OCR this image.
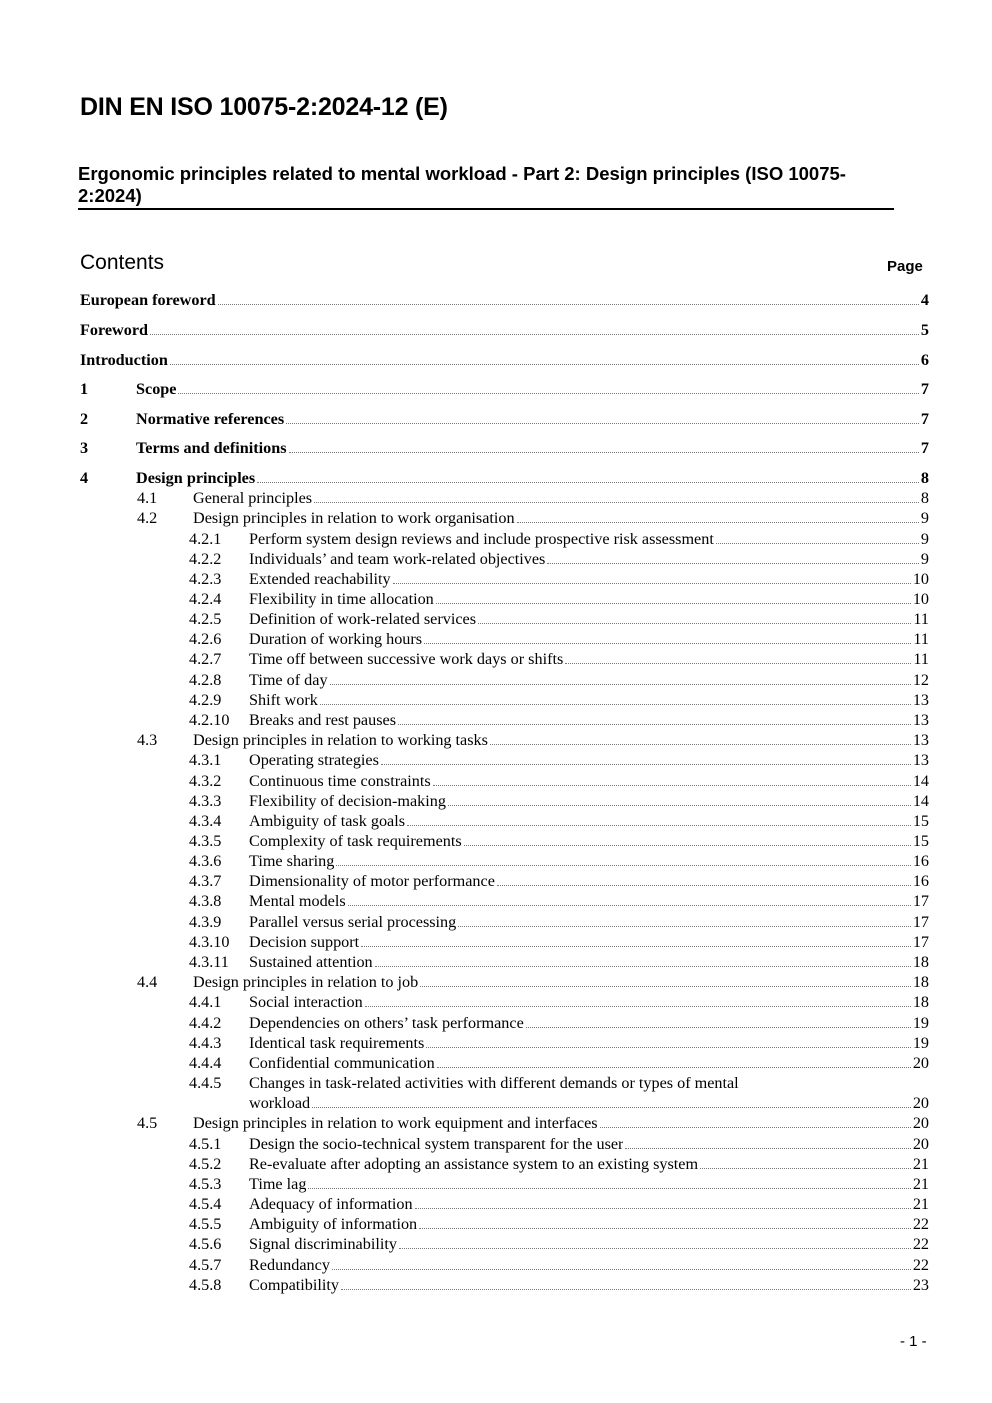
DIN EN ISO 10075-2:2024-12 (E)
Ergonomic principles related to mental workload - Part 2: Design principles (ISO 10075-2:2024)
Contents	Page
European foreword	4
Foreword	5
Introduction	6
1	Scope	7
2	Normative references	7
3	Terms and definitions	7
4	Design principles	8
4.1 General principles	8
4.2 Design principles in relation to work organisation	9
4.2.1 Perform system design reviews and include prospective risk assessment	9
4.2.2 Individuals’ and team work-related objectives	9
4.2.3 Extended reachability	10
4.2.4 Flexibility in time allocation	10
4.2.5 Definition of work-related services	11
4.2.6 Duration of working hours	11
4.2.7 Time off between successive work days or shifts	11
4.2.8 Time of day	12
4.2.9 Shift work	13
4.2.10 Breaks and rest pauses	13
4.3 Design principles in relation to working tasks	13
4.3.1 Operating strategies	13
4.3.2 Continuous time constraints	14
4.3.3 Flexibility of decision-making	14
4.3.4 Ambiguity of task goals	15
4.3.5 Complexity of task requirements	15
4.3.6 Time sharing	16
4.3.7 Dimensionality of motor performance	16
4.3.8 Mental models	17
4.3.9 Parallel versus serial processing	17
4.3.10 Decision support	17
4.3.11 Sustained attention	18
4.4 Design principles in relation to job	18
4.4.1 Social interaction	18
4.4.2 Dependencies on others’ task performance	19
4.4.3 Identical task requirements	19
4.4.4 Confidential communication	20
4.4.5 Changes in task-related activities with different demands or types of mental
workload	20
4.5 Design principles in relation to work equipment and interfaces	20
4.5.1 Design the socio-technical system transparent for the user	20
4.5.2 Re-evaluate after adopting an assistance system to an existing system	21
4.5.3 Time lag	21
4.5.4 Adequacy of information	21
4.5.5 Ambiguity of information	22
4.5.6 Signal discriminability	22
4.5.7 Redundancy	22
4.5.8 Compatibility	23
- 1 -
